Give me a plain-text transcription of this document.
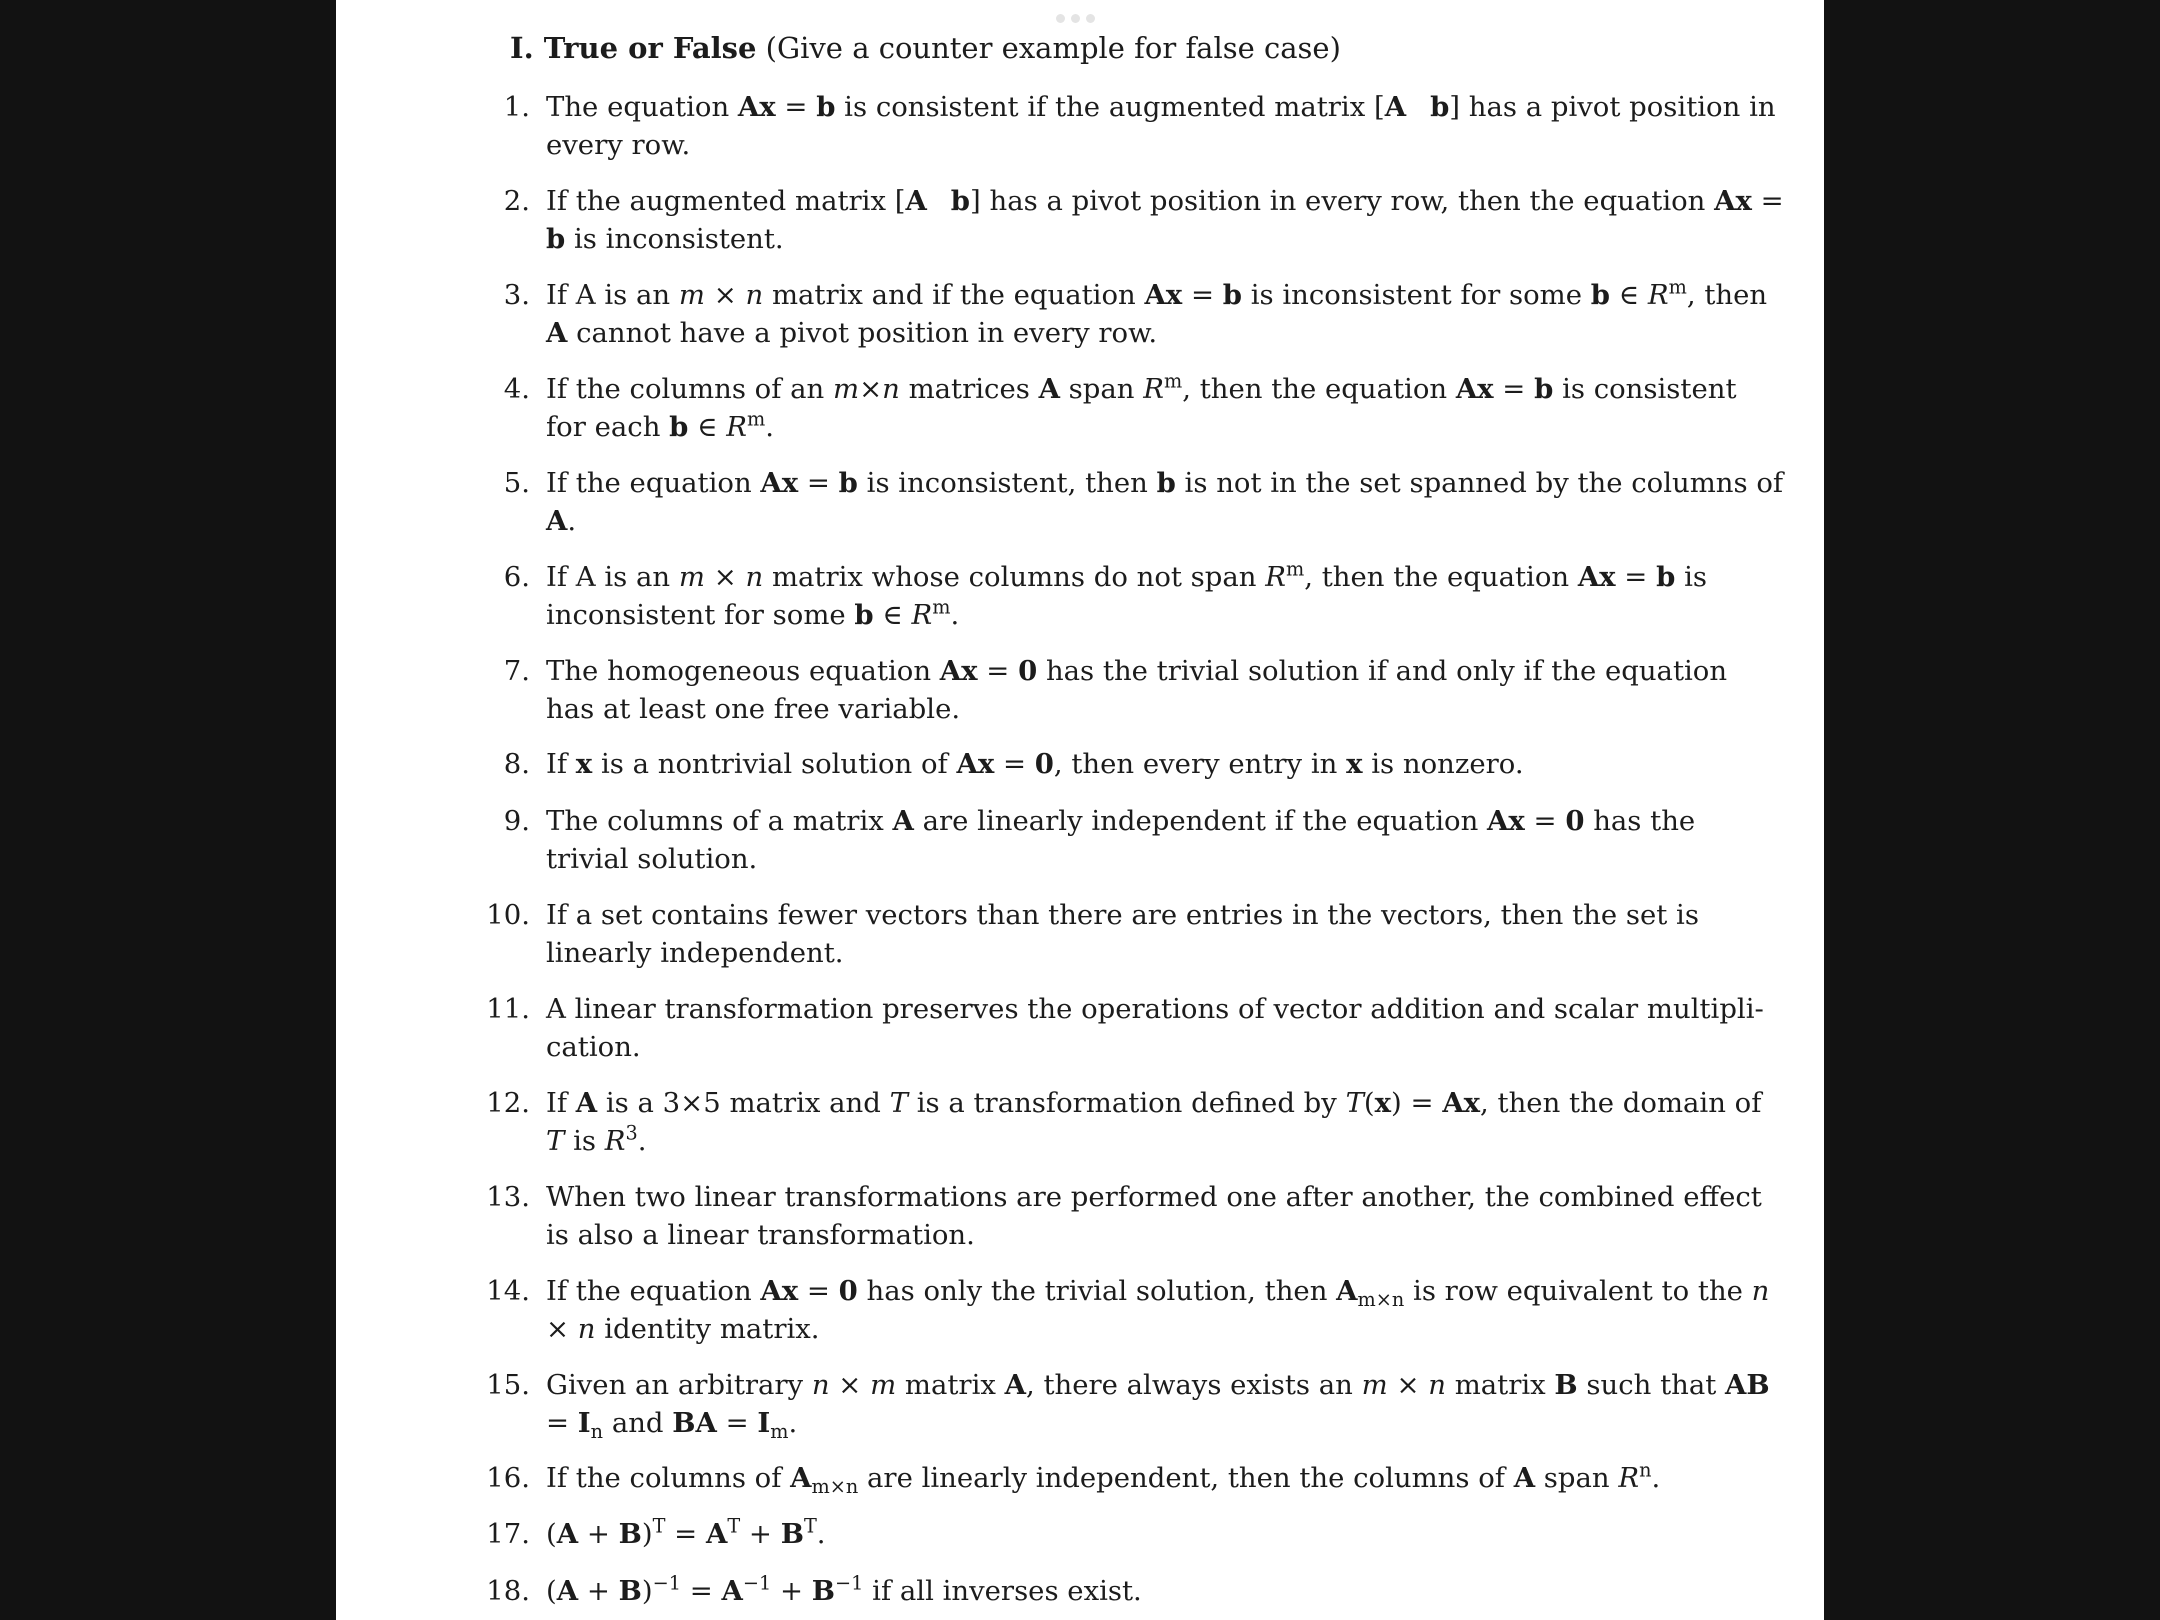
I. True or False (Give a counter example for false case)
1. The equation Ax = b is consistent if the augmented matrix [A b] has a pivot position in every row.
2. If the augmented matrix [A b] has a pivot position in every row, then the equation Ax = b is inconsistent.
3. If A is an m × n matrix and if the equation Ax = b is inconsistent for some b ∈ $R^m$, then A cannot have a pivot position in every row.
4. If the columns of an m×n matrices A span $R^m$, then the equation Ax = b is consistent for each b ∈ $R^m$.
5. If the equation Ax = b is inconsistent, then b is not in the set spanned by the columns of A.
6. If A is an m × n matrix whose columns do not span $R^m$, then the equation Ax = b is inconsistent for some b ∈ $R^m$.
7. The homogeneous equation Ax = 0 has the trivial solution if and only if the equation has at least one free variable.
8. If x is a nontrivial solution of Ax = 0, then every entry in x is nonzero.
9. The columns of a matrix A are linearly independent if the equation Ax = 0 has the trivial solution.
10. If a set contains fewer vectors than there are entries in the vectors, then the set is linearly independent.
11. A linear transformation preserves the operations of vector addition and scalar multipli- cation.
12. If A is a 3×5 matrix and T is a transformation defined by T(x) = Ax, then the domain of T is $R^3$.
13. When two linear transformations are performed one after another, the combined effect is also a linear transformation.
14. If the equation Ax = 0 has only the trivial solution, then $A_{m\times n}$ is row equivalent to the n × n identity matrix.
15. Given an arbitrary n × m matrix A, there always exists an m × n matrix B such that AB = $I_n$ and BA = $I_m$.
16. If the columns of $A_{m\times n}$ are linearly independent, then the columns of A span $R^n$.
17. $(A + B)^T = A^T + B^T$.
18. $(A + B)^{-1} = A^{-1} + B^{-1}$ if all inverses exist.
